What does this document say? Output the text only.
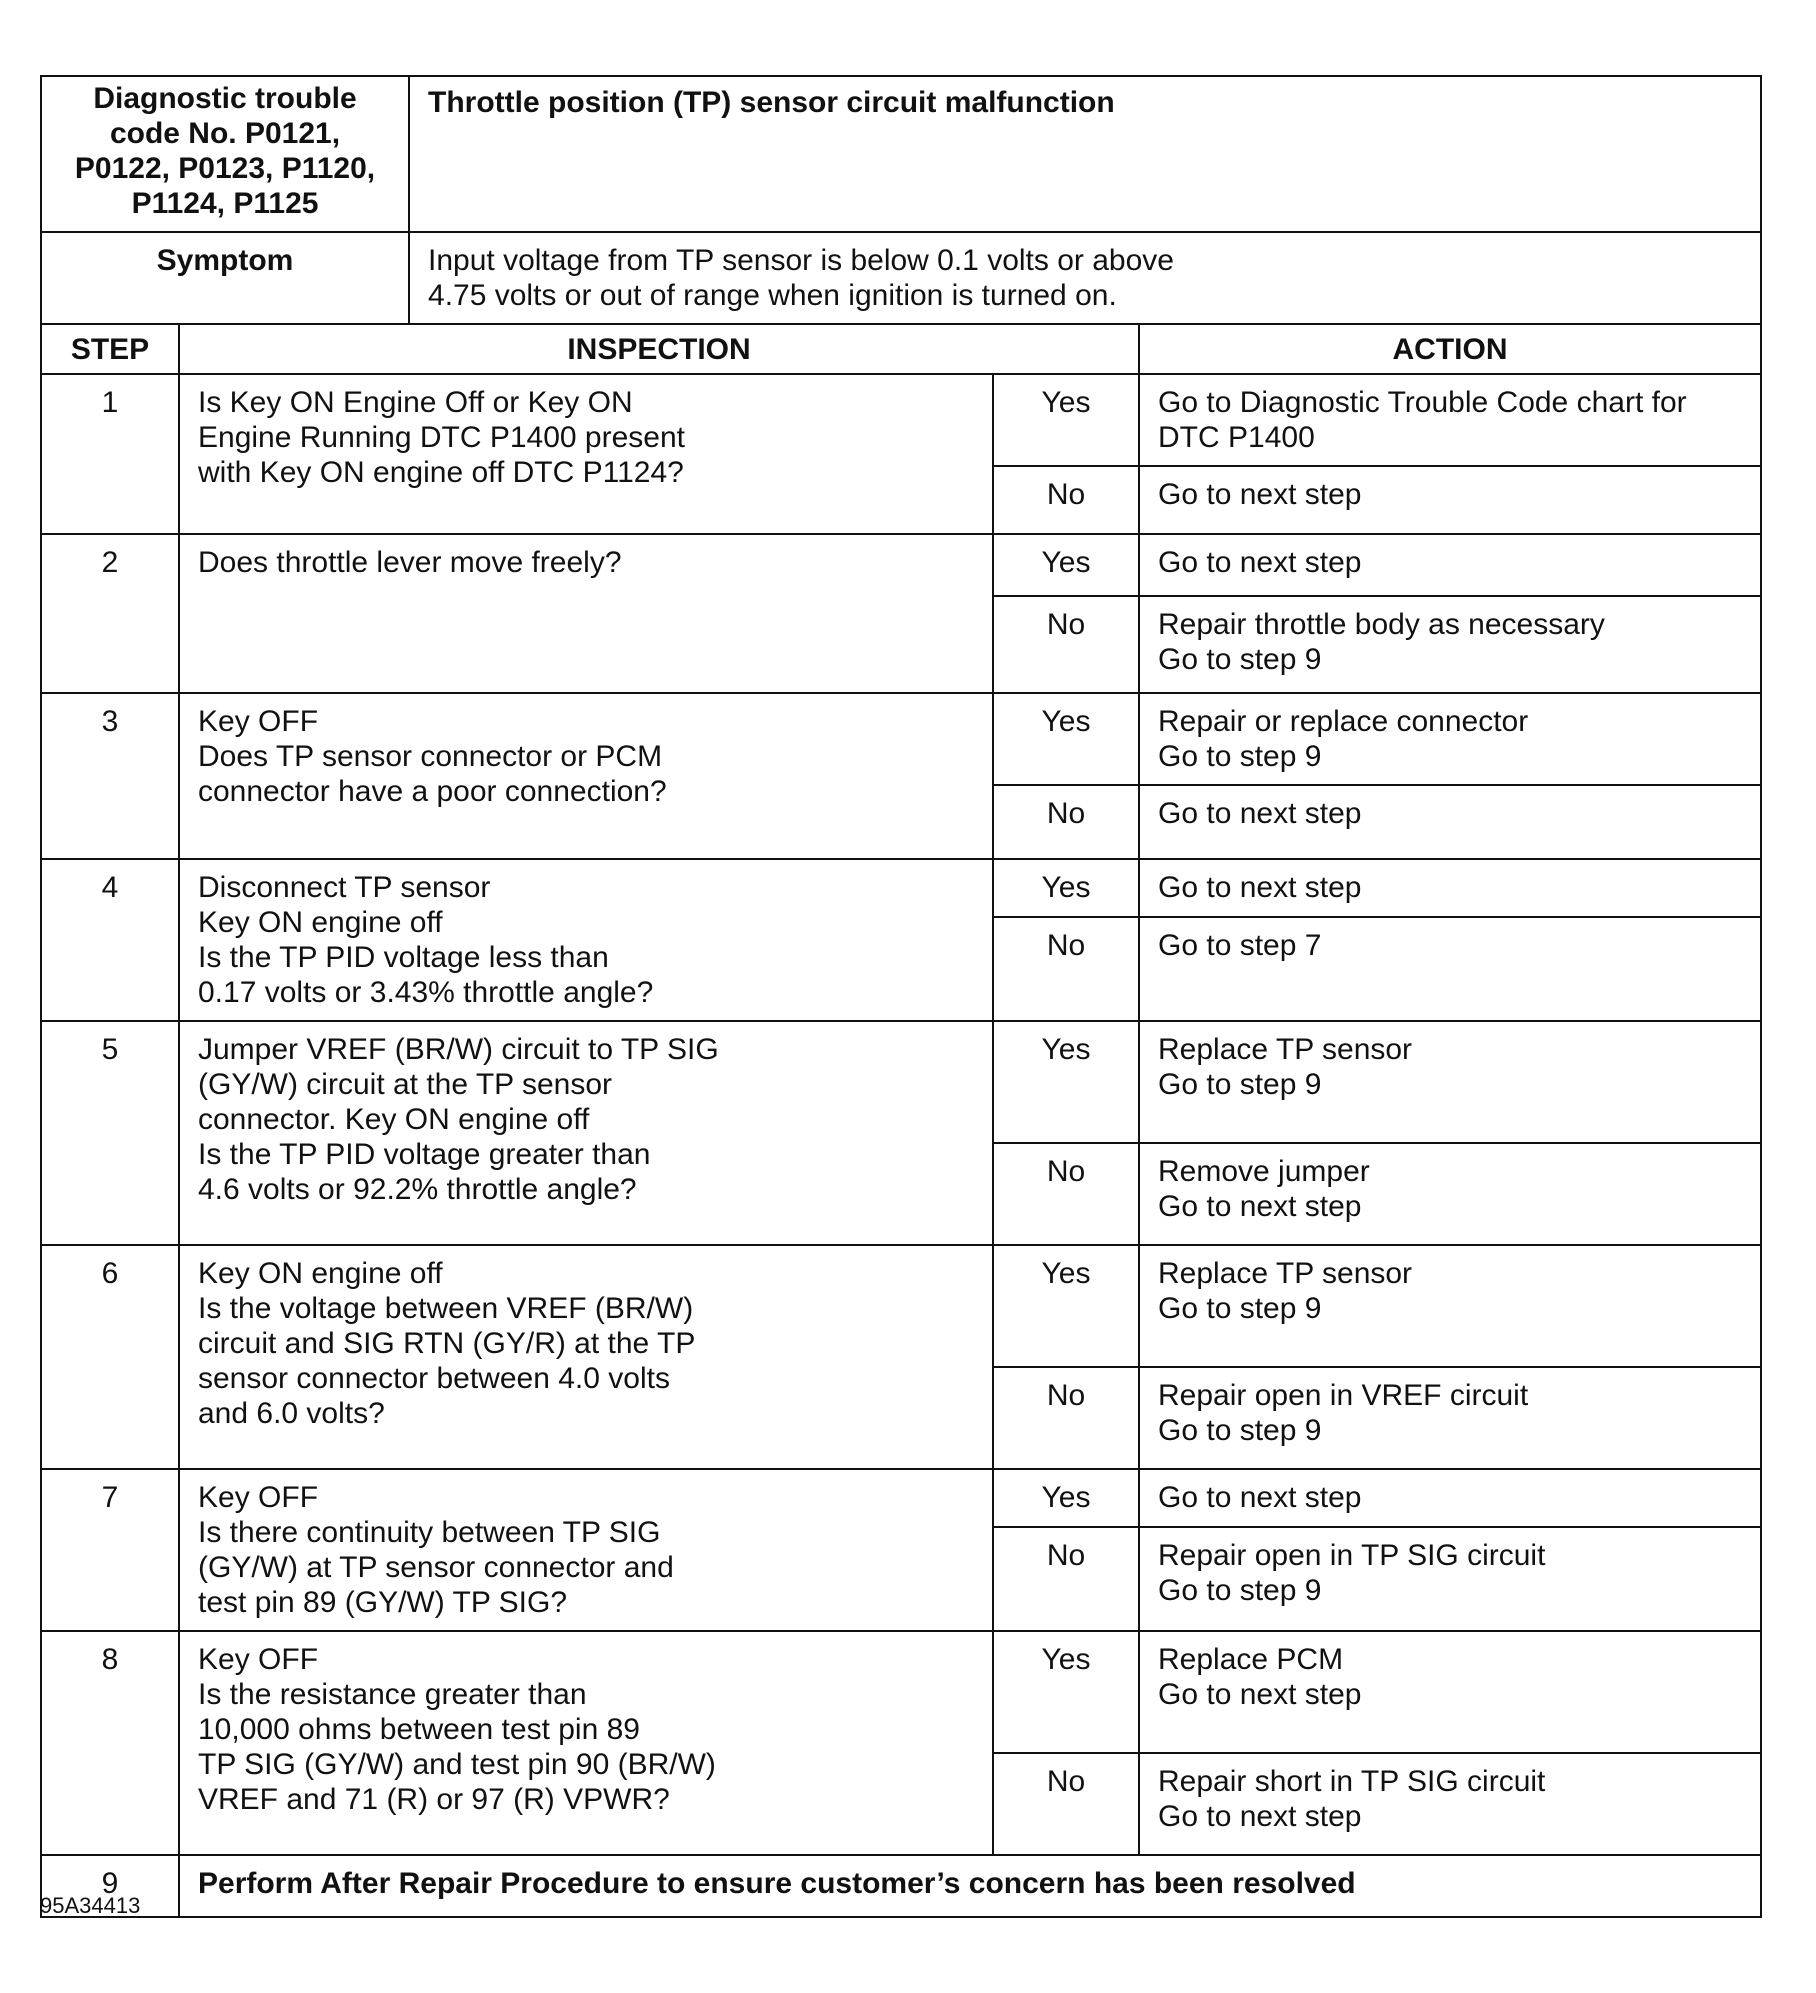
Diagnostic trouble code No. P0121, P0122, P0123, P1120, P1124, P1125		Throttle position (TP) sensor circuit malfunction		
Symptom		Input voltage from TP sensor is below 0.1 volts or above
4.75 volts or out of range when ignition is turned on.		
STEP	INSPECTION			ACTION
1	Is Key ON Engine Off or Key ON
Engine Running DTC P1400 present
with Key ON engine off DTC P1124?		Yes	Go to Diagnostic Trouble Code chart for DTC P1400
			No	Go to next step
2	Does throttle lever move freely?		Yes	Go to next step
			No	Repair throttle body as necessary
Go to step 9
3	Key OFF
Does TP sensor connector or PCM
connector have a poor connection?		Yes	Repair or replace connector
Go to step 9
			No	Go to next step
4	Disconnect TP sensor
Key ON engine off
Is the TP PID voltage less than
0.17 volts or 3.43% throttle angle?		Yes	Go to next step
			No	Go to step 7
5	Jumper VREF (BR/W) circuit to TP SIG
(GY/W) circuit at the TP sensor
connector. Key ON engine off
Is the TP PID voltage greater than
4.6 volts or 92.2% throttle angle?		Yes	Replace TP sensor
Go to step 9
			No	Remove jumper
Go to next step
6	Key ON engine off
Is the voltage between VREF (BR/W)
circuit and SIG RTN (GY/R) at the TP
sensor connector between 4.0 volts
and 6.0 volts?		Yes	Replace TP sensor
Go to step 9
			No	Repair open in VREF circuit
Go to step 9
7	Key OFF
Is there continuity between TP SIG
(GY/W) at TP sensor connector and
test pin 89 (GY/W) TP SIG?		Yes	Go to next step
			No	Repair open in TP SIG circuit
Go to step 9
8	Key OFF
Is the resistance greater than
10,000 ohms between test pin 89
TP SIG (GY/W) and test pin 90 (BR/W)
VREF and 71 (R) or 97 (R) VPWR?		Yes	Replace PCM
Go to next step
			No	Repair short in TP SIG circuit
Go to next step
9	Perform After Repair Procedure to ensure customer’s concern has been resolved			
95A34413
